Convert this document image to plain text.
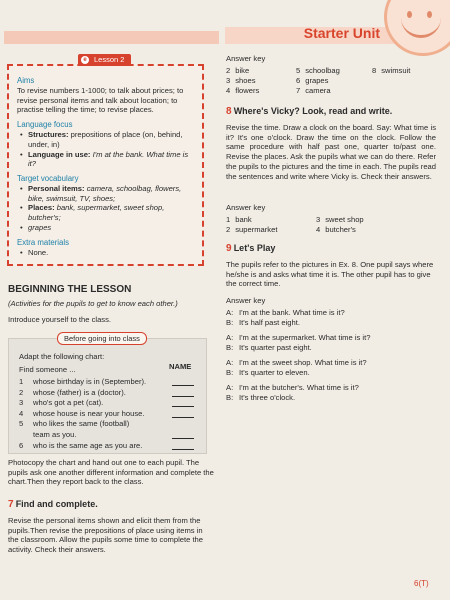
Starter Unit
Aims

To revise numbers 1-1000; to talk about prices; to revise personal items and talk about location; to practise telling the time; to revise places.

Language focus
• Structures: prepositions of place (on, behind, under, in)
• Language in use: I'm at the bank. What time is it?
Target vocabulary
• Personal items: camera, schoolbag, flowers, bike, swimsuit, TV, shoes;
• Places: bank, supermarket, sweet shop, butcher's;
• grapes
Extra materials
• None.
e Lesson 2
BEGINNING THE LESSON
(Activities for the pupils to get to know each other.)
Introduce yourself to the class.
Adapt the following chart:
Find someone ...	NAME
1 whose birthday is in (September).
2 whose (father) is a (doctor).
3 who's got a pet (cat).
4 whose house is near your house.
5 who likes the same (football)
team as you.
6 who is the same age as you are.
Before going into class
Photocopy the chart and hand out one to each pupil. The pupils ask one another different information and complete the chart.Then they report back to the class.
7 Find and complete.
Revise the personal items shown and elicit them from the pupils.Then revise the prepositions of place using items in the classroom. Allow the pupils some time to complete the activity. Check their answers.
Answer key
2 bike
3 shoes
4 flowers
5 schoolbag
6 grapes
7 camera
8 swimsuit
8 Where's Vicky? Look, read and write.
Revise the time. Draw a clock on the board. Say: What time is it? It's one o'clock. Draw the time on the clock. Follow the same procedure with half past one, quarter to/past one. Revise the places. Ask the pupils what we can do there. Refer the pupils to the pictures and the time in each. The pupils read the sentences and write where Vicky is. Check their answers.
Answer key
1 bank
2 supermarket
3 sweet shop
4 butcher's
9 Let's Play
The pupils refer to the pictures in Ex. 8. One pupil says where he/she is and asks what time it is. The other pupil has to give the correct time.
Answer key
A: I'm at the bank. What time is it?
B: It's half past eight.
A: I'm at the supermarket. What time is it?
B: It's quarter past eight.
A: I'm at the sweet shop. What time is it?
B: It's quarter to eleven.
A: I'm at the butcher's. What time is it?
B: It's three o'clock.
6(T)
